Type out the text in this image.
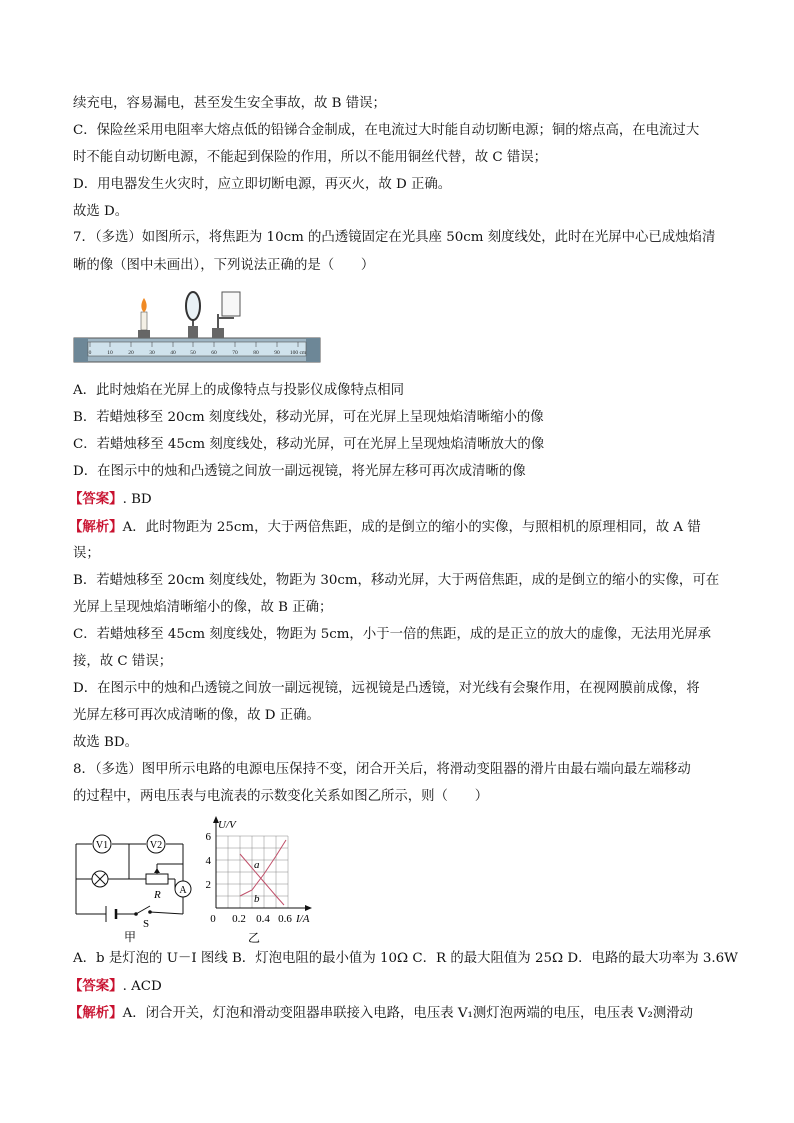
续充电，容易漏电，甚至发生安全事故，故 B 错误；
C．保险丝采用电阻率大熔点低的铅锑合金制成，在电流过大时能自动切断电源；铜的熔点高，在电流过大
时不能自动切断电源，不能起到保险的作用，所以不能用铜丝代替，故 C 错误；
D．用电器发生火灾时，应立即切断电源，再灭火，故 D 正确。
故选 D。
7．（多选）如图所示，将焦距为 10cm 的凸透镜固定在光具座 50cm 刻度线处，此时在光屏中心已成烛焰清
晰的像（图中未画出），下列说法正确的是（　　）
0	10	20	30	40	50	60	70	80	90 100 cm
A．此时烛焰在光屏上的成像特点与投影仪成像特点相同
B．若蜡烛移至 20cm 刻度线处，移动光屏，可在光屏上呈现烛焰清晰缩小的像
C．若蜡烛移至 45cm 刻度线处，移动光屏，可在光屏上呈现烛焰清晰放大的像
D．在图示中的烛和凸透镜之间放一副远视镜，将光屏左移可再次成清晰的像
【答案】. BD
【解析】A．此时物距为 25cm，大于两倍焦距，成的是倒立的缩小的实像，与照相机的原理相同，故 A 错
误；
B．若蜡烛移至 20cm 刻度线处，物距为 30cm，移动光屏，大于两倍焦距，成的是倒立的缩小的实像，可在
光屏上呈现烛焰清晰缩小的像，故 B 正确；
C．若蜡烛移至 45cm 刻度线处，物距为 5cm，小于一倍的焦距，成的是正立的放大的虚像，无法用光屏承
接，故 C 错误；
D．在图示中的烛和凸透镜之间放一副远视镜，远视镜是凸透镜，对光线有会聚作用，在视网膜前成像，将
光屏左移可再次成清晰的像，故 D 正确。
故选 BD。
8．（多选）图甲所示电路的电源电压保持不变，闭合开关后，将滑动变阻器的滑片由最右端向最左端移动
的过程中，两电压表与电流表的示数变化关系如图乙所示，则（　　）
V1	V2
R A
S
甲
U/V
I/A
6
4
2
0 0.2 0.4 0.6
a
b
乙
A．b 是灯泡的 U－I 图线 B．灯泡电阻的最小值为 10Ω C．R 的最大阻值为 25Ω D．电路的最大功率为 3.6W
【答案】. ACD
【解析】A．闭合开关，灯泡和滑动变阻器串联接入电路，电压表 V₁测灯泡两端的电压，电压表 V₂测滑动
